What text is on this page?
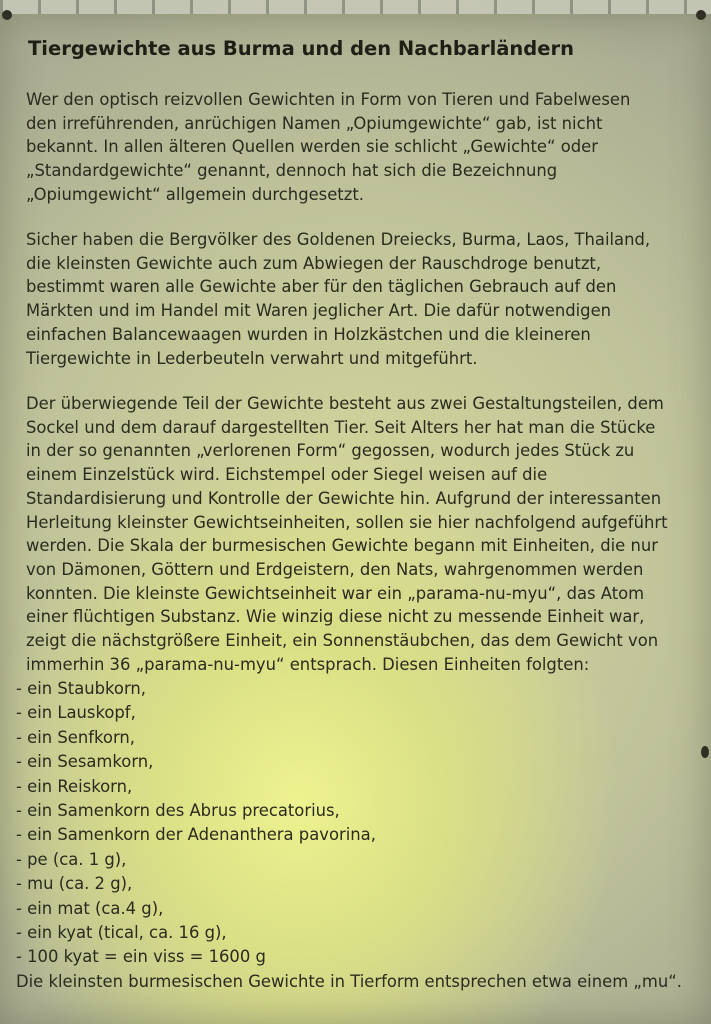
Tiergewichte aus Burma und den Nachbarländern

Wer den optisch reizvollen Gewichten in Form von Tieren und Fabelwesen
den irreführenden, anrüchigen Namen „Opiumgewichte“ gab, ist nicht
bekannt. In allen älteren Quellen werden sie schlicht „Gewichte“ oder
„Standardgewichte“ genannt, dennoch hat sich die Bezeichnung
„Opiumgewicht“ allgemein durchgesetzt.

Sicher haben die Bergvölker des Goldenen Dreiecks, Burma, Laos, Thailand,
die kleinsten Gewichte auch zum Abwiegen der Rauschdroge benutzt,
bestimmt waren alle Gewichte aber für den täglichen Gebrauch auf den
Märkten und im Handel mit Waren jeglicher Art. Die dafür notwendigen
einfachen Balancewaagen wurden in Holzkästchen und die kleineren
Tiergewichte in Lederbeuteln verwahrt und mitgeführt.

Der überwiegende Teil der Gewichte besteht aus zwei Gestaltungsteilen, dem
Sockel und dem darauf dargestellten Tier. Seit Alters her hat man die Stücke
in der so genannten „verlorenen Form“ gegossen, wodurch jedes Stück zu
einem Einzelstück wird. Eichstempel oder Siegel weisen auf die
Standardisierung und Kontrolle der Gewichte hin. Aufgrund der interessanten
Herleitung kleinster Gewichtseinheiten, sollen sie hier nachfolgend aufgeführt
werden. Die Skala der burmesischen Gewichte begann mit Einheiten, die nur
von Dämonen, Göttern und Erdgeistern, den Nats, wahrgenommen werden
konnten. Die kleinste Gewichtseinheit war ein „parama-nu-myu“, das Atom
einer flüchtigen Substanz. Wie winzig diese nicht zu messende Einheit war,
zeigt die nächstgrößere Einheit, ein Sonnenstäubchen, das dem Gewicht von
immerhin 36 „parama-nu-myu“ entsprach. Diesen Einheiten folgten:

- ein Staubkorn,
- ein Lauskopf,
- ein Senfkorn,
- ein Sesamkorn,
- ein Reiskorn,
- ein Samenkorn des Abrus precatorius,
- ein Samenkorn der Adenanthera pavorina,
- pe (ca. 1 g),
- mu (ca. 2 g),
- ein mat (ca.4 g),
- ein kyat (tical, ca. 16 g),
- 100 kyat = ein viss = 1600 g

Die kleinsten burmesischen Gewichte in Tierform entsprechen etwa einem „mu“.
